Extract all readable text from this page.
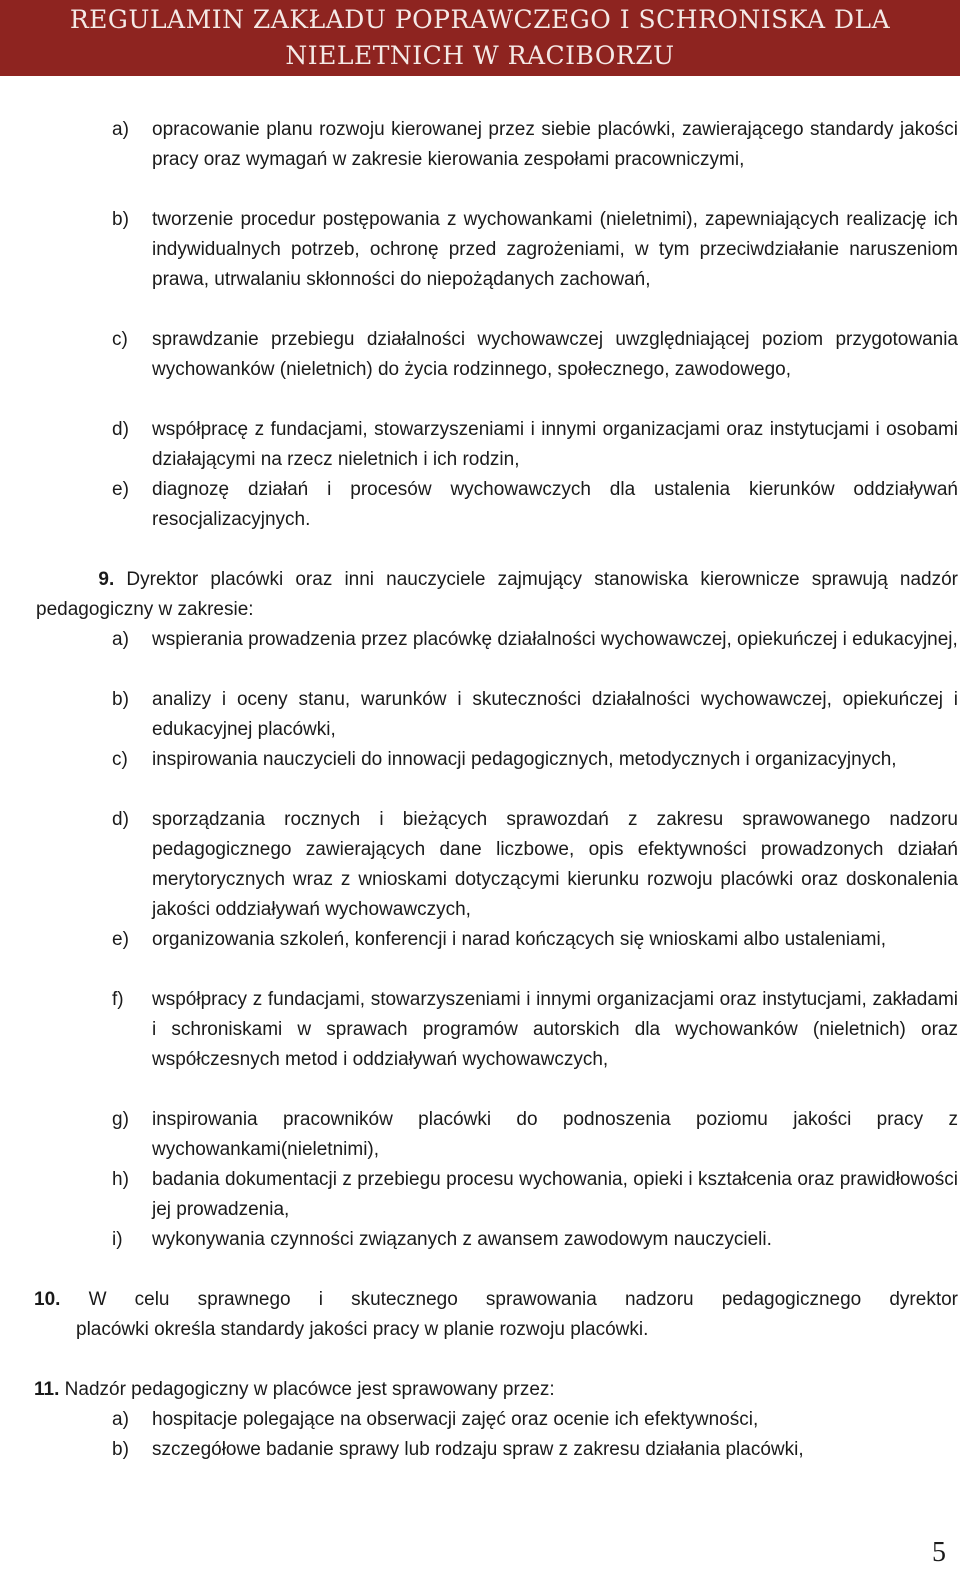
REGULAMIN ZAKŁADU POPRAWCZEGO I SCHRONISKA DLA
NIELETNICH W RACIBORZU
a)	opracowanie planu rozwoju kierowanej przez siebie placówki, zawierającego standardy jakości pracy oraz wymagań w zakresie kierowania zespołami pracowniczymi,
b)	tworzenie procedur postępowania z wychowankami (nieletnimi), zapewniających realizację ich indywidualnych potrzeb, ochronę przed zagrożeniami, w tym przeciwdziałanie naruszeniom prawa, utrwalaniu skłonności do niepożądanych zachowań,
c)	sprawdzanie przebiegu działalności wychowawczej uwzględniającej poziom przygotowania wychowanków (nieletnich) do życia rodzinnego, społecznego, zawodowego,
d)	współpracę z fundacjami, stowarzyszeniami i innymi organizacjami oraz instytucjami i osobami działającymi na rzecz nieletnich i ich rodzin,
e)	diagnozę działań i procesów wychowawczych dla ustalenia kierunków oddziaływań resocjalizacyjnych.
9. Dyrektor placówki oraz inni nauczyciele zajmujący stanowiska kierownicze sprawują nadzór pedagogiczny w zakresie:
a)	wspierania prowadzenia przez placówkę działalności wychowawczej, opiekuńczej i edukacyjnej,
b)	analizy i oceny stanu, warunków i skuteczności działalności wychowawczej, opiekuńczej i edukacyjnej placówki,
c)	inspirowania nauczycieli do innowacji pedagogicznych, metodycznych i organizacyjnych,
d)	sporządzania rocznych i bieżących sprawozdań z zakresu sprawowanego nadzoru pedagogicznego zawierających dane liczbowe, opis efektywności prowadzonych działań merytorycznych wraz z wnioskami dotyczącymi kierunku rozwoju placówki oraz doskonalenia jakości oddziaływań wychowawczych,
e)	organizowania szkoleń, konferencji i narad kończących się wnioskami albo ustaleniami,
f)	współpracy z fundacjami, stowarzyszeniami i innymi organizacjami oraz instytucjami, zakładami i schroniskami w sprawach programów autorskich dla wychowanków (nieletnich) oraz współczesnych metod i oddziaływań wychowawczych,
g)	inspirowania pracowników placówki do podnoszenia poziomu jakości pracy z wychowankami(nieletnimi),
h)	badania dokumentacji z przebiegu procesu wychowania, opieki i kształcenia oraz prawidłowości jej prowadzenia,
i)	wykonywania czynności związanych z awansem zawodowym nauczycieli.
10. W celu sprawnego i skutecznego sprawowania nadzoru pedagogicznego dyrektor
placówki określa standardy jakości pracy w planie rozwoju placówki.
11. Nadzór pedagogiczny w placówce jest sprawowany przez:
a)	hospitacje polegające na obserwacji zajęć oraz ocenie ich efektywności,
b)	szczegółowe badanie sprawy lub rodzaju spraw z zakresu działania placówki,
5
